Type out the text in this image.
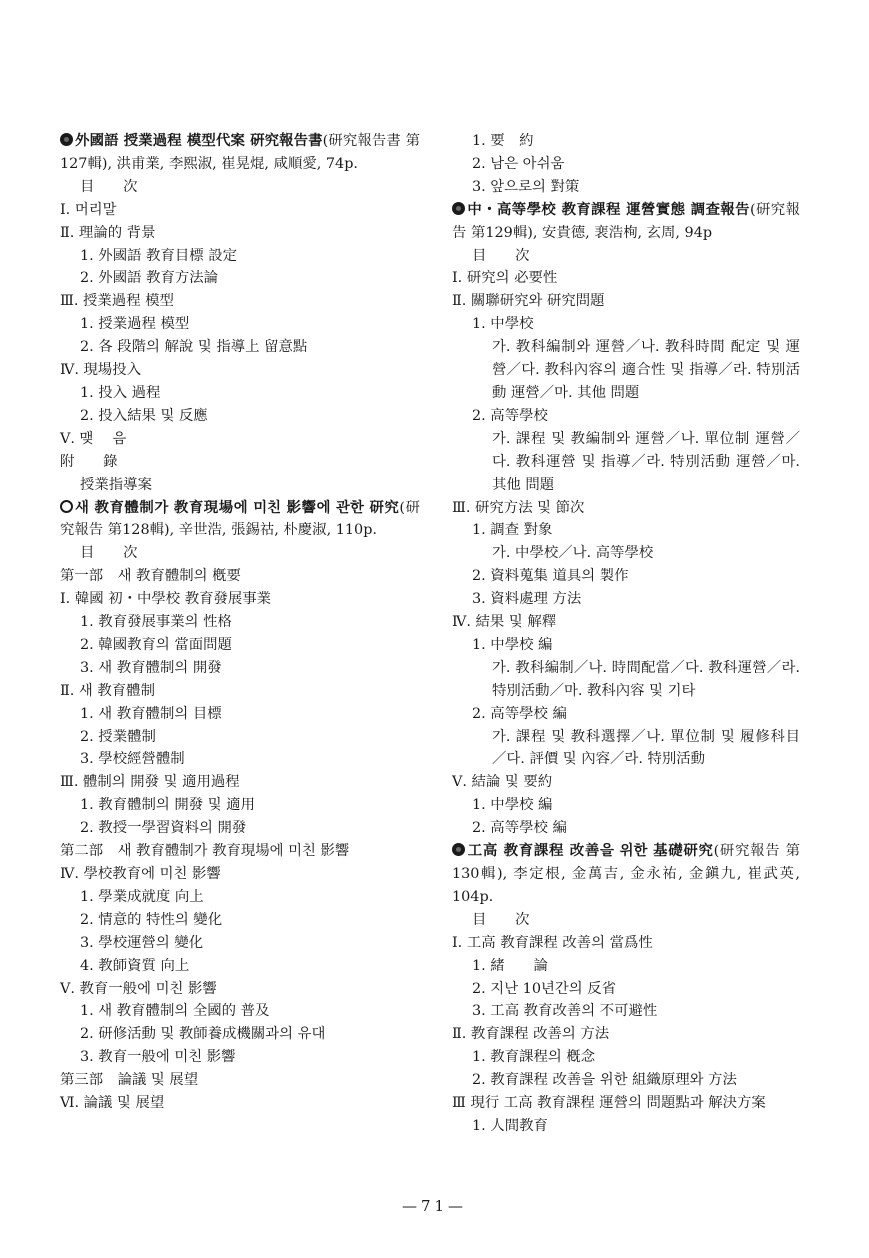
外國語 授業過程 模型代案 硏究報告書(研究報告書 第127輯), 洪甫業, 李熙淑, 崔晃焜, 咸順愛, 74p.
目　　次
Ⅰ. 머리말
Ⅱ. 理論的 背景
1. 外國語 教育目標 設定
2. 外國語 教育方法論
Ⅲ. 授業過程 模型
1. 授業過程 模型
2. 各 段階의 解說 및 指導上 留意點
Ⅳ. 現場投入
1. 投入 過程
2. 投入結果 및 反應
Ⅴ. 맺　 음
附　　錄
授業指導案
새 教育體制가 教育現場에 미친 影響에 관한 研究(研究報告 第128輯), 辛世浩, 張錫祜, 朴慶淑, 110p.
目　　次
第一部　새 教育體制의 槪要
Ⅰ. 韓國 初・中學校 教育發展事業
1. 教育發展事業의 性格
2. 韓國教育의 當面問題
3. 새 教育體制의 開發
Ⅱ. 새 教育體制
1. 새 教育體制의 目標
2. 授業體制
3. 學校經營體制
Ⅲ. 體制의 開發 및 適用過程
1. 教育體制의 開發 및 適用
2. 教授一學習資料의 開發
第二部　새 教育體制가 教育現場에 미친 影響
Ⅳ. 學校教育에 미친 影響
1. 學業成就度 向上
2. 情意的 特性의 變化
3. 學校運營의 變化
4. 教師資質 向上
Ⅴ. 教育一般에 미친 影響
1. 새 教育體制의 全國的 普及
2. 研修活動 및 教師養成機關과의 유대
3. 教育一般에 미친 影響
第三部　論議 및 展望
Ⅵ. 論議 및 展望
1. 要　約
2. 남은 아쉬움
3. 앞으로의 對策
中・高等學校 教育課程 運營實態 調查報告(研究報告 第129輯), 安貴德, 裵浩栒, 玄周, 94p
目　　次
Ⅰ. 研究의 必要性
Ⅱ. 關聯研究와 研究問題
1. 中學校
가. 教科編制와 運營／나. 教科時間 配定 및 運營／다. 教科內容의 適合性 및 指導／라. 特別活動 運營／마. 其他 問題
2. 高等學校
가. 課程 및 教編制와 運營／나. 單位制 運營／다. 教科運營 및 指導／라. 特別活動 運營／마. 其他 問題
Ⅲ. 研究方法 및 節次
1. 調查 對象
가. 中學校／나. 高等學校
2. 資料蒐集 道具의 製作
3. 資料處理 方法
Ⅳ. 結果 및 解釋
1. 中學校 編
가. 教科編制／나. 時間配當／다. 教科運營／라. 特別活動／마. 教科內容 및 기타
2. 高等學校 編
가. 課程 및 教科選擇／나. 單位制 및 履修科目／다. 評價 및 內容／라. 特別活動
Ⅴ. 結論 및 要約
1. 中學校 編
2. 高等學校 編
工高 教育課程 改善을 위한 基礎研究(研究報告 第130輯), 李定根, 金萬吉, 金永祐, 金鎭九, 崔武英, 104p.
目　　次
Ⅰ. 工高 教育課程 改善의 當爲性
1. 緒　　論
2. 지난 10년간의 反省
3. 工高 教育改善의 不可避性
Ⅱ. 教育課程 改善의 方法
1. 教育課程의 槪念
2. 教育課程 改善을 위한 組織原理와 方法
Ⅲ 現行 工高 教育課程 運營의 問題點과 解決方案
1. 人間教育
—71—
